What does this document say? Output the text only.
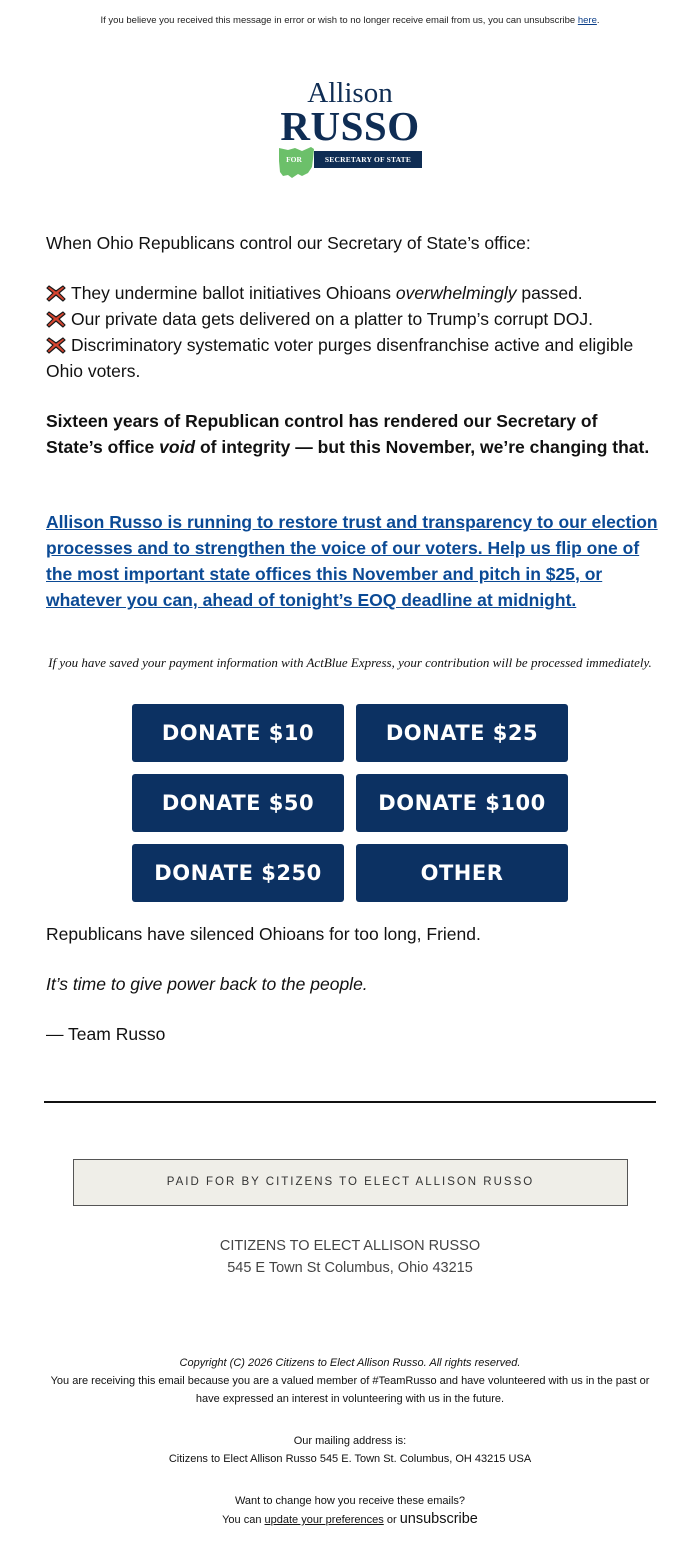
If you believe you received this message in error or wish to no longer receive email from us, you can unsubscribe here.
Allison
RUSSO
FOR	SECRETARY OF STATE
When Ohio Republicans control our Secretary of State’s office:
They undermine ballot initiatives Ohioans overwhelmingly passed.
Our private data gets delivered on a platter to Trump’s corrupt DOJ.
Discriminatory systematic voter purges disenfranchise active and eligible Ohio voters.
Sixteen years of Republican control has rendered our Secretary of State’s office void of integrity — but this November, we’re changing that.
Allison Russo is running to restore trust and transparency to our election processes and to strengthen the voice of our voters. Help us flip one of the most important state offices this November and pitch in $25, or whatever you can, ahead of tonight’s EOQ deadline at midnight.
If you have saved your payment information with ActBlue Express, your contribution will be processed immediately.
DONATE $10	DONATE $25
DONATE $50	DONATE $100
DONATE $250	OTHER
Republicans have silenced Ohioans for too long, Friend.
It’s time to give power back to the people.
— Team Russo
PAID FOR BY CITIZENS TO ELECT ALLISON RUSSO
CITIZENS TO ELECT ALLISON RUSSO
545 E Town St Columbus, Ohio 43215
Copyright (C) 2026 Citizens to Elect Allison Russo. All rights reserved.
You are receiving this email because you are a valued member of #TeamRusso and have volunteered with us in the past or have expressed an interest in volunteering with us in the future.
Our mailing address is:
Citizens to Elect Allison Russo 545 E. Town St. Columbus, OH 43215 USA
Want to change how you receive these emails?
You can update your preferences or unsubscribe
